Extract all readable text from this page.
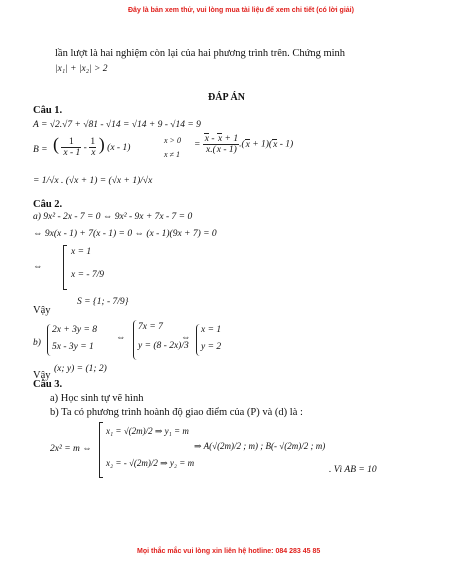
Đây là bản xem thử, vui lòng mua tài liệu để xem chi tiết (có lời giải)
lần lượt là hai nghiệm còn lại của hai phương trình trên. Chứng minh
|x₁| + |x₂| > 2
ĐÁP ÁN
Câu 1.
A = √2.√7 + √81 - √14 = √14 + 9 - √14 = 9
B = ( $\frac{1}{x - 1} - \frac{1}{x}$ ) (x - 1)
x > 0
x ≠ 1
= $\frac{x - x + 1}{x.(x - 1)} .(x + 1)(x - 1)$
= 1/√x . (√x + 1) = (√x + 1)/√x
Câu 2.
a) 9x² - 2x - 7 = 0 ⇔ 9x² - 9x + 7x - 7 = 0
⇔ 9x(x - 1) + 7(x - 1) = 0 ⇔ (x - 1)(9x + 7) = 0
⇔
x = 1
x = - 7/9
S = {1; - 7/9}
Vậy
b)
2x + 3y = 8
5x - 3y = 1
⇔
7x = 7
y = (8 - 2x)/3
⇔
x = 1
y = 2
Vậy
(x; y) = (1; 2)
Câu 3.
a) Học sinh tự vẽ hình
b) Ta có phương trình hoành độ giao điểm của (P) và (d) là :
2x² = m ⇔
x₁ = √(2m)/2 ⇒ y₁ = m
x₂ = - √(2m)/2 ⇒ y₂ = m
⇒ A(√(2m)/2 ; m) ; B(- √(2m)/2 ; m)
. Vì AB = 10
Mọi thắc mắc vui lòng xin liên hệ hotline: 084 283 45 85
